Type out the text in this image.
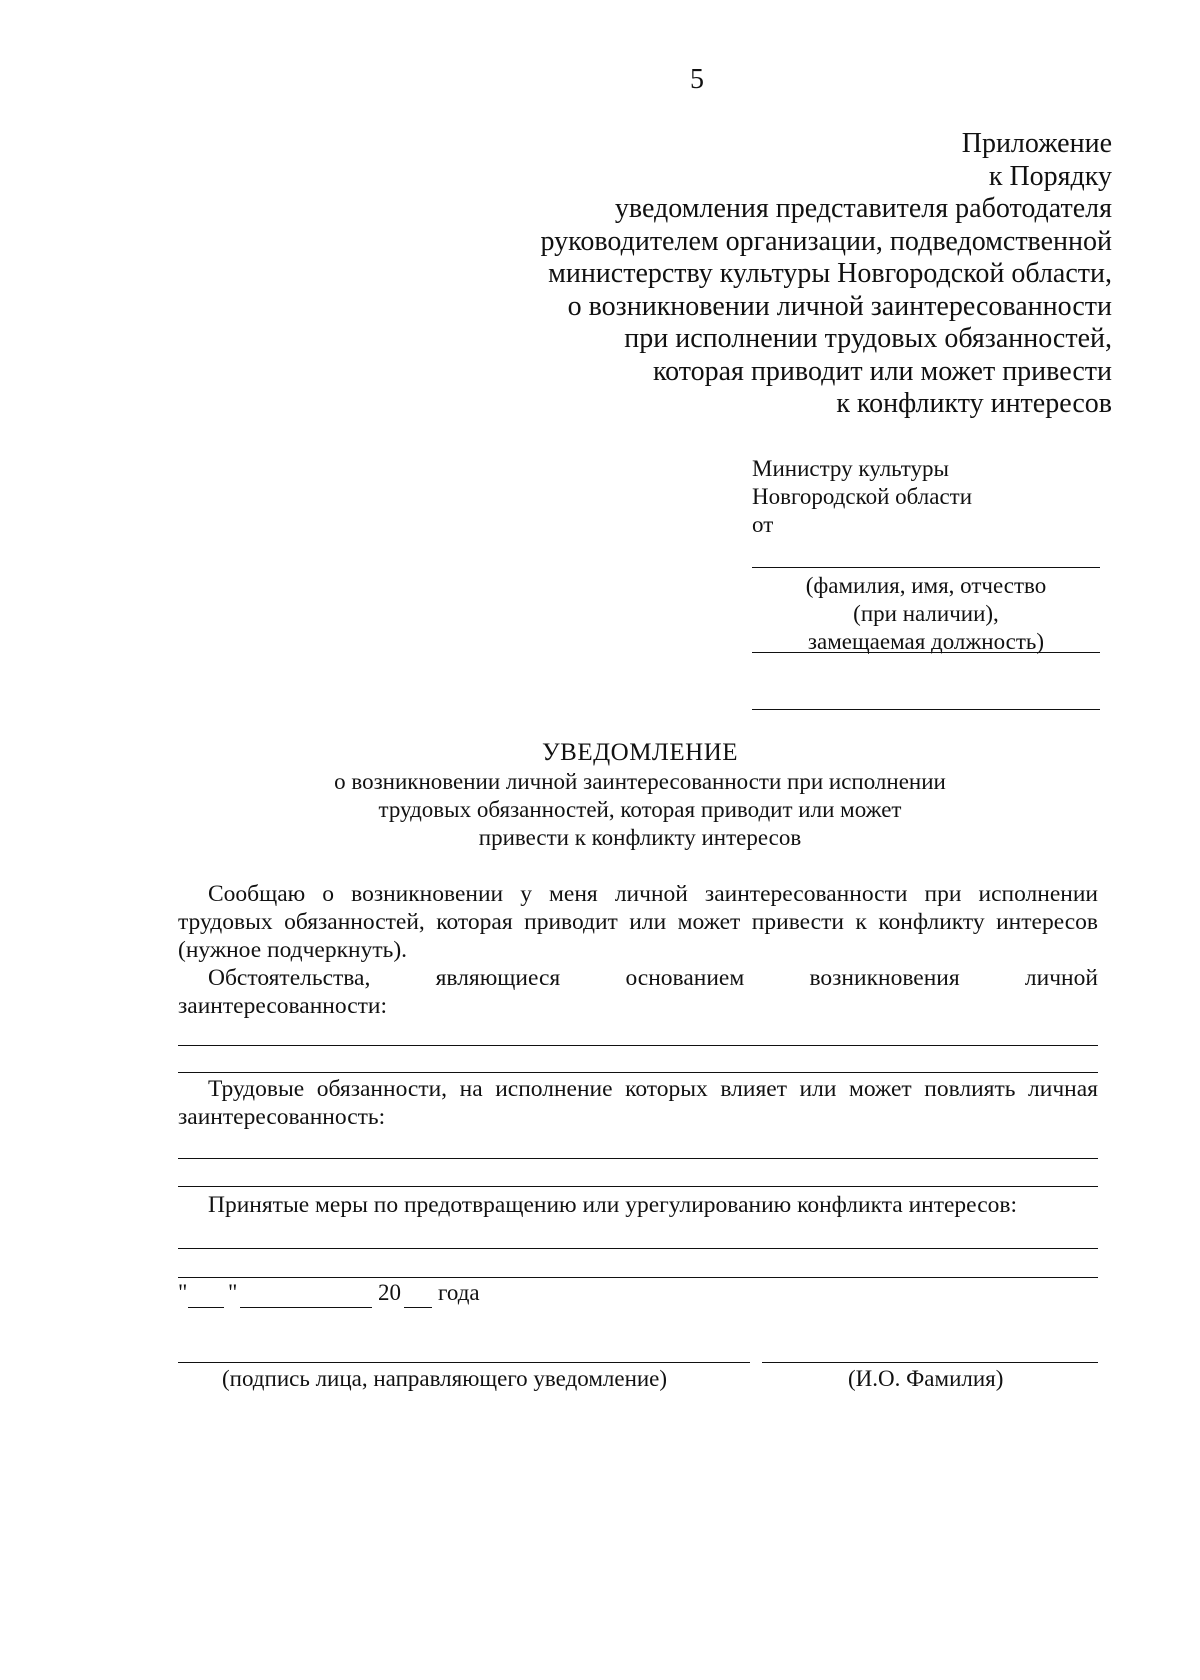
5
Приложение
к Порядку
уведомления представителя работодателя
руководителем организации, подведомственной
министерству культуры Новгородской области,
о возникновении личной заинтересованности
при исполнении трудовых обязанностей,
которая приводит или может привести
к конфликту интересов
Министру культуры
Новгородской области
от
(фамилия, имя, отчество
(при наличии),
замещаемая должность)
УВЕДОМЛЕНИЕ
о возникновении личной заинтересованности при исполнении
трудовых обязанностей, которая приводит или может
привести к конфликту интересов
Сообщаю о возникновении у меня личной заинтересованности при исполнении трудовых обязанностей, которая приводит или может привести к конфликту интересов (нужное подчеркнуть).
Обстоятельства,	являющиеся	основанием	возникновения	личной
заинтересованности:
Трудовые обязанности, на исполнение которых влияет или может повлиять личная заинтересованность:
Принятые меры по предотвращению или урегулированию конфликта интересов:
" "	20 года
(подпись лица, направляющего уведомление)	(И.О. Фамилия)
